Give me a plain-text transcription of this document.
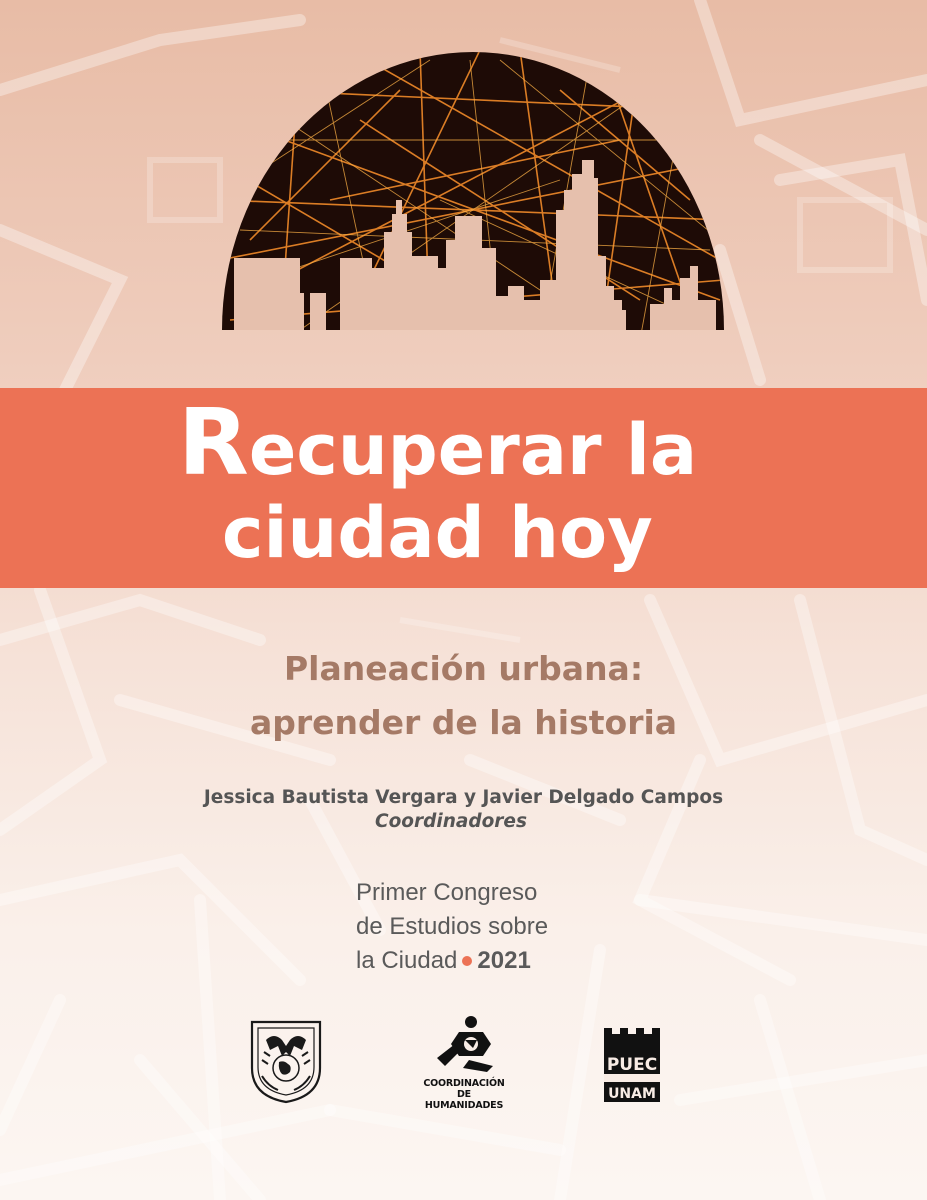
Recuperar la
ciudad hoy
Planeación urbana:
aprender de la historia
Jessica Bautista Vergara y Javier Delgado Campos
Coordinadores
Primer Congreso
de Estudios sobre
la Ciudad 2021
COORDINACIÓN
DE HUMANIDADES
PUEC
UNAM
